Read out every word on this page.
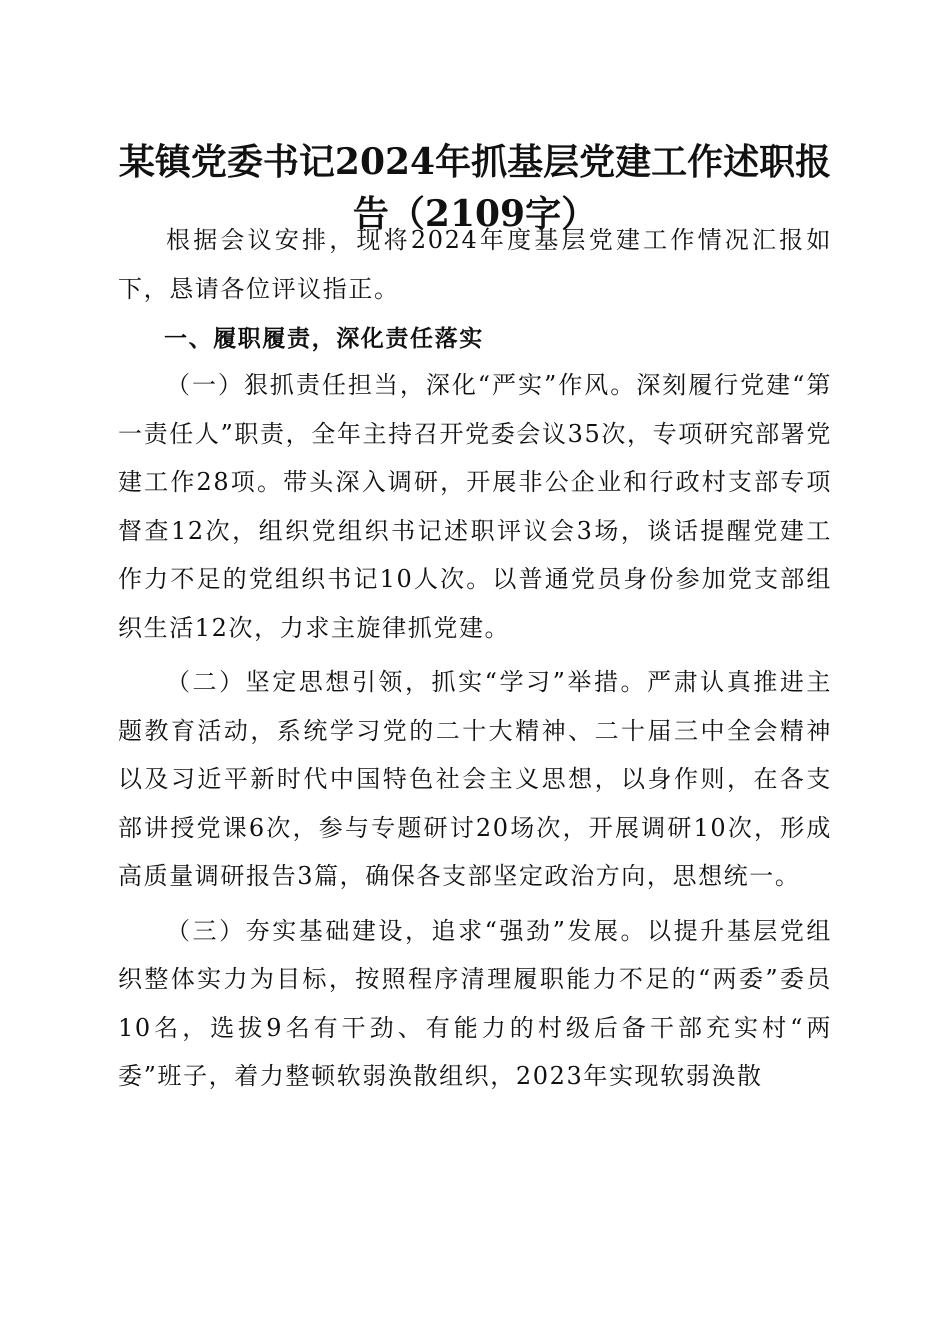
某镇党委书记2024年抓基层党建工作述职报告（2109字）

根据会议安排，现将2024年度基层党建工作情况汇报如下，恳请各位评议指正。

一、履职履责，深化责任落实

（一）狠抓责任担当，深化“严实”作风。深刻履行党建“第一责任人”职责，全年主持召开党委会议35次，专项研究部署党建工作28项。带头深入调研，开展非公企业和行政村支部专项督查12次，组织党组织书记述职评议会3场，谈话提醒党建工作力不足的党组织书记10人次。以普通党员身份参加党支部组织生活12次，力求主旋律抓党建。

（二）坚定思想引领，抓实“学习”举措。严肃认真推进主题教育活动，系统学习党的二十大精神、二十届三中全会精神以及习近平新时代中国特色社会主义思想，以身作则，在各支部讲授党课6次，参与专题研讨20场次，开展调研10次，形成高质量调研报告3篇，确保各支部坚定政治方向，思想统一。

（三）夯实基础建设，追求“强劲”发展。以提升基层党组织整体实力为目标，按照程序清理履职能力不足的“两委”委员10名，选拔9名有干劲、有能力的村级后备干部充实村“两委”班子，着力整顿软弱涣散组织，2023年实现软弱涣散
